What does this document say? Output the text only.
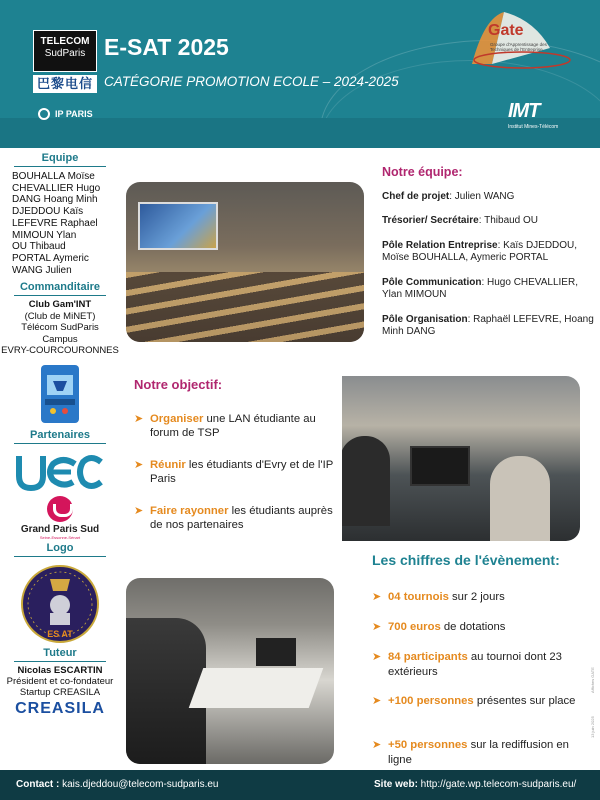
TELECOM
SudParis
巴黎电信
IP PARIS
E-SAT 2025
CATÉGORIE PROMOTION ECOLE – 2024-2025
Gate
Groupe d'Apprentissage des Techniques de l'Entreprise
IMT
Institut Mines-Télécom
Equipe
BOUHALLA Moïse
CHEVALLIER Hugo
DANG Hoang Minh
DJEDDOU Kaïs
LEFEVRE Raphael
MIMOUN Ylan
OU Thibaud
PORTAL Aymeric
WANG Julien
Commanditaire
Club Gam'INT
(Club de MiNET)
Télécom SudParis
Campus
EVRY-COURCOURONNES
Partenaires
Grand Paris Sud
Seine-Essonne-Sénart
Logo
ES AT
Tuteur
Nicolas ESCARTIN
Président et co-fondateur
Startup CREASILA
CREASILA
Notre équipe:
Chef de projet: Julien WANG
Trésorier/ Secrétaire: Thibaud OU
Pôle Relation Entreprise: Kaïs DJEDDOU, Moïse BOUHALLA, Aymeric PORTAL
Pôle Communication: Hugo CHEVALLIER, Ylan MIMOUN
Pôle Organisation: Raphaël LEFEVRE, Hoang Minh DANG
Notre objectif:
➤ Organiser une LAN étudiante au forum de TSP
➤ Réunir les étudiants d'Evry et de l'IP Paris
➤ Faire rayonner les étudiants auprès de nos partenaires
Les chiffres de l'évènement:
➤ 04 tournois sur 2 jours
➤ 700 euros de dotations
➤ 84 participants au tournoi dont 23 extérieurs
➤ +100 personnes présentes sur place
➤ +50 personnes sur la rediffusion en ligne
Affiches GATE
13 juin 2025
Contact : kais.djeddou@telecom-sudparis.eu	Site web: http://gate.wp.telecom-sudparis.eu/
